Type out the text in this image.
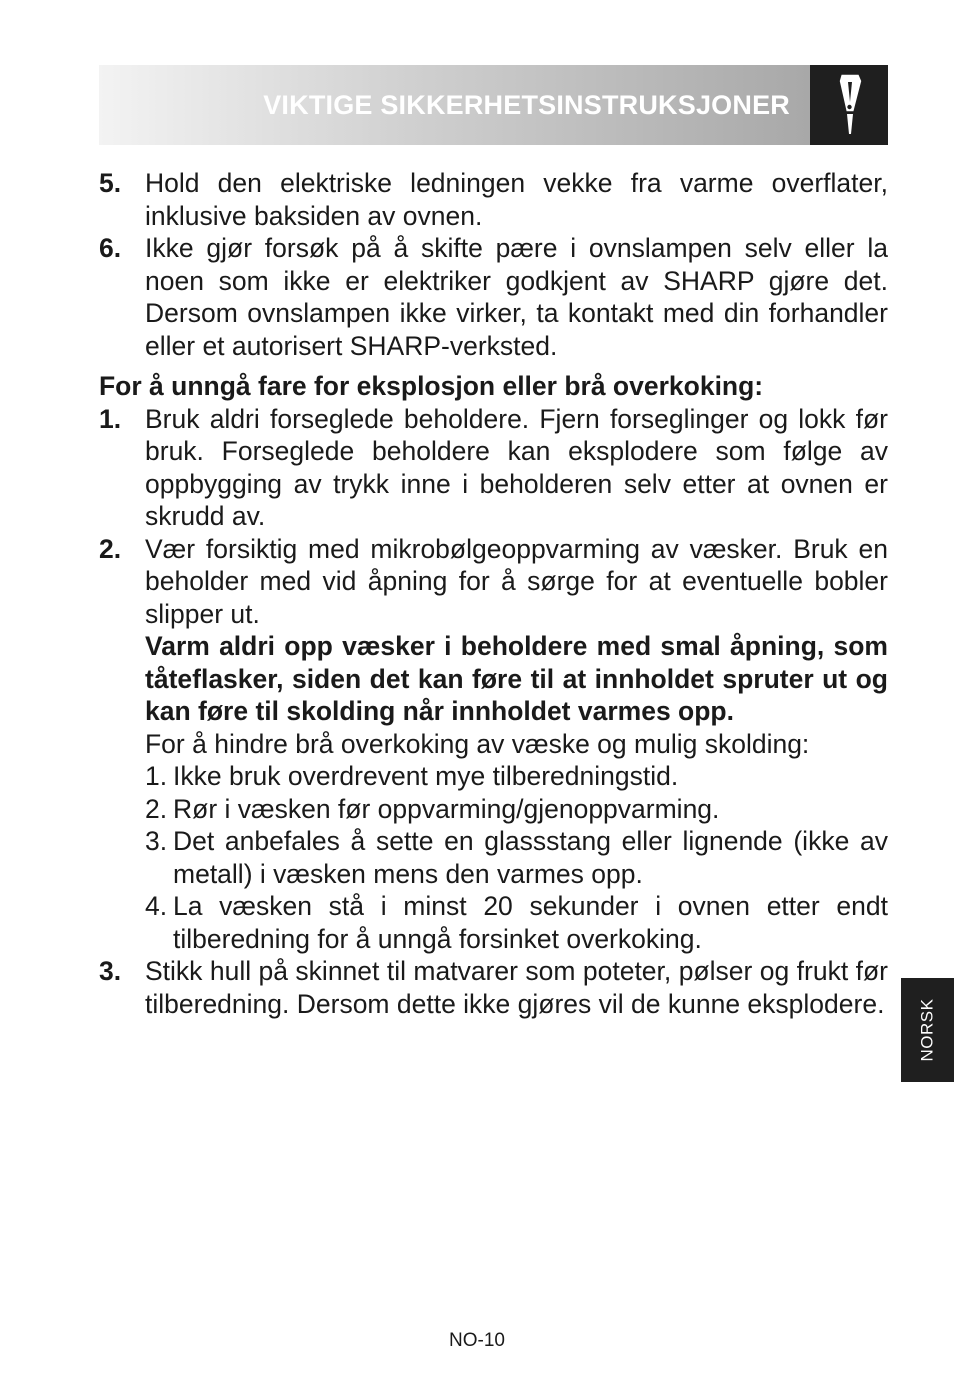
VIKTIGE SIKKERHETSINSTRUKSJONER
5. Hold den elektriske ledningen vekke fra varme overflater, inklusive baksiden av ovnen.
6. Ikke gjør forsøk på å skifte pære i ovnslampen selv eller la noen som ikke er elektriker godkjent av SHARP gjøre det. Dersom ovnslampen ikke virker, ta kontakt med din forhandler eller et autorisert SHARP-verksted.
For å unngå fare for eksplosjon eller brå overkoking:
1. Bruk aldri forseglede beholdere. Fjern forseglinger og lokk før bruk. Forseglede beholdere kan eksplodere som følge av oppbygging av trykk inne i beholderen selv etter at ovnen er skrudd av.
2. Vær forsiktig med mikrobølgeoppvarming av væsker. Bruk en beholder med vid åpning for å sørge for at eventuelle bobler slipper ut.
Varm aldri opp væsker i beholdere med smal åpning, som tåteflasker, siden det kan føre til at innholdet spruter ut og kan føre til skolding når innholdet varmes opp.
For å hindre brå overkoking av væske og mulig skolding:
1. Ikke bruk overdrevent mye tilberedningstid.
2. Rør i væsken før oppvarming/gjenoppvarming.
3. Det anbefales å sette en glassstang eller lignende (ikke av metall) i væsken mens den varmes opp.
4. La væsken stå i minst 20 sekunder i ovnen etter endt tilberedning for å unngå forsinket overkoking.
3. Stikk hull på skinnet til matvarer som poteter, pølser og frukt før tilberedning. Dersom dette ikke gjøres vil de kunne eksplodere. NORSK
NO-10
